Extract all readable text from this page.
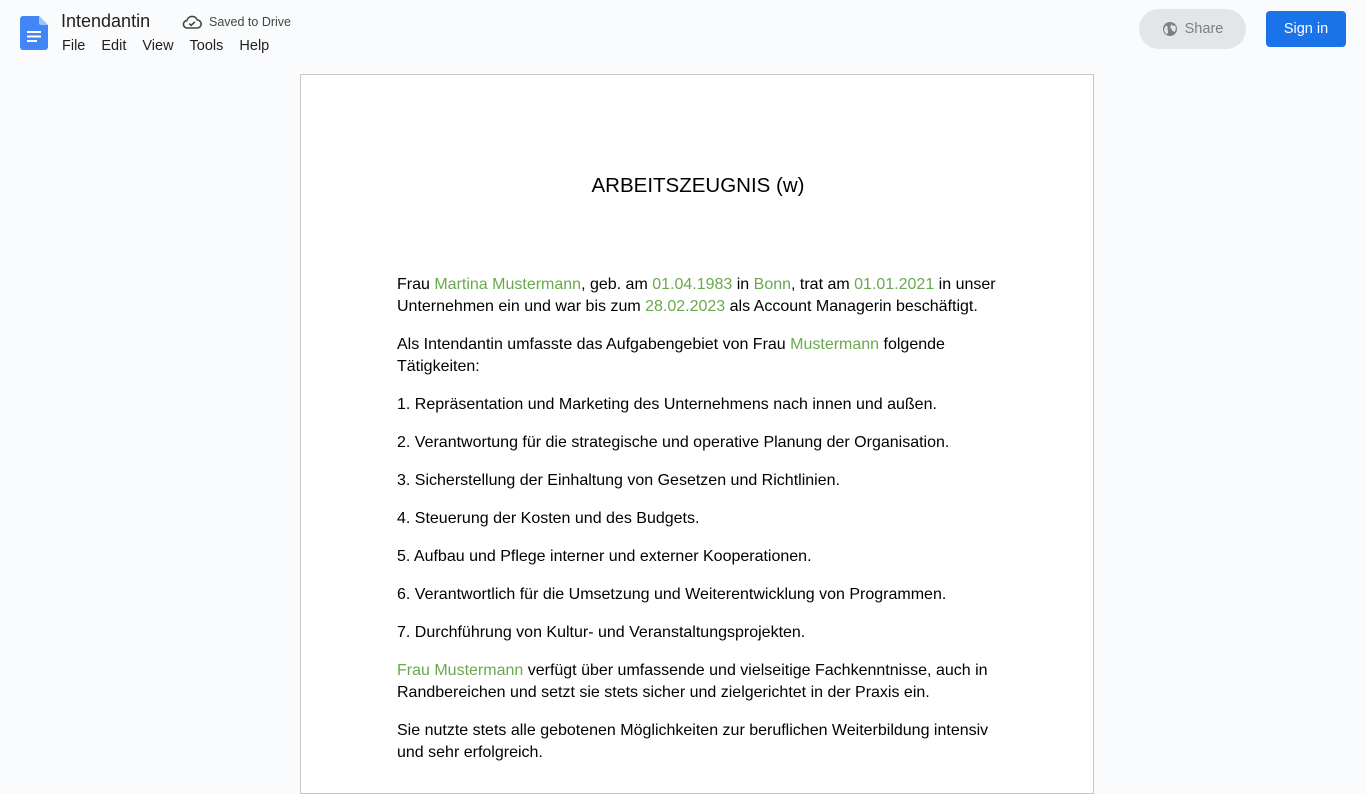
Intendantin	Saved to Drive
File	Edit	View	Tools	Help
Share	Sign in
ARBEITSZEUGNIS (w)

Frau Martina Mustermann, geb. am 01.04.1983 in Bonn, trat am 01.01.2021 in unser Unternehmen ein und war bis zum 28.02.2023 als Account Managerin beschäftigt.

Als Intendantin umfasste das Aufgabengebiet von Frau Mustermann folgende Tätigkeiten:

1. Repräsentation und Marketing des Unternehmens nach innen und außen.

2. Verantwortung für die strategische und operative Planung der Organisation.

3. Sicherstellung der Einhaltung von Gesetzen und Richtlinien.

4. Steuerung der Kosten und des Budgets.

5. Aufbau und Pflege interner und externer Kooperationen.

6. Verantwortlich für die Umsetzung und Weiterentwicklung von Programmen.

7. Durchführung von Kultur- und Veranstaltungsprojekten.

Frau Mustermann verfügt über umfassende und vielseitige Fachkenntnisse, auch in Randbereichen und setzt sie stets sicher und zielgerichtet in der Praxis ein.

Sie nutzte stets alle gebotenen Möglichkeiten zur beruflichen Weiterbildung intensiv und sehr erfolgreich.
